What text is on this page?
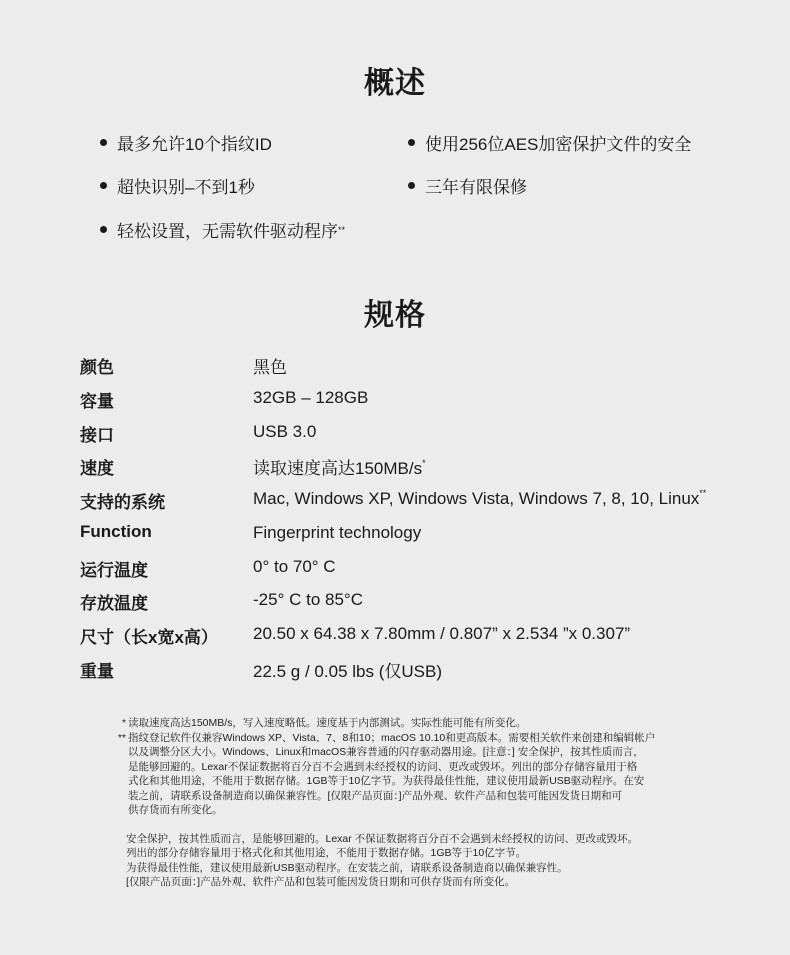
概述
最多允许10个指纹ID	使用256位AES加密保护文件的安全
超快识别–不到1秒	三年有限保修
轻松设置，无需软件驱动程序 **
规格
颜色	黑色
容量	32GB – 128GB
接口	USB 3.0
速度	读取速度高达150MB/s*
支持的系统	Mac, Windows XP, Windows Vista, Windows 7, 8, 10, Linux**
Function	Fingerprint technology
运行温度	0° to 70° C
存放温度	-25° C to 85°C
尺寸（长x宽x高） 20.50 x 64.38 x 7.80mm / 0.807” x 2.534 ”x 0.307”
重量	22.5 g / 0.05 lbs (仅USB)
* 读取速度高达150MB/s，写入速度略低。速度基于内部测试。实际性能可能有所变化。
** 指纹登记软件仅兼容Windows XP、Vista、7、8和10；macOS 10.10和更高版本。需要相关软件来创建和编辑帐户
以及调整分区大小。Windows、Linux和macOS兼容普通的闪存驱动器用途。[注意：] 安全保护，按其性质而言，
是能够回避的。Lexar不保证数据将百分百不会遇到未经授权的访问、更改或毁坏。列出的部分存储容量用于格
式化和其他用途，不能用于数据存储。1GB等于10亿字节。为获得最佳性能，建议使用最新USB驱动程序。在安
装之前，请联系设备制造商以确保兼容性。[仅限产品页面：]产品外观、软件产品和包装可能因发货日期和可
供存货而有所变化。
安全保护，按其性质而言，是能够回避的。Lexar 不保证数据将百分百不会遇到未经授权的访问、更改或毁坏。
列出的部分存储容量用于格式化和其他用途，不能用于数据存储。1GB等于10亿字节。
为获得最佳性能，建议使用最新USB驱动程序。在安装之前，请联系设备制造商以确保兼容性。
[仅限产品页面：]产品外观、软件产品和包装可能因发货日期和可供存货而有所变化。
